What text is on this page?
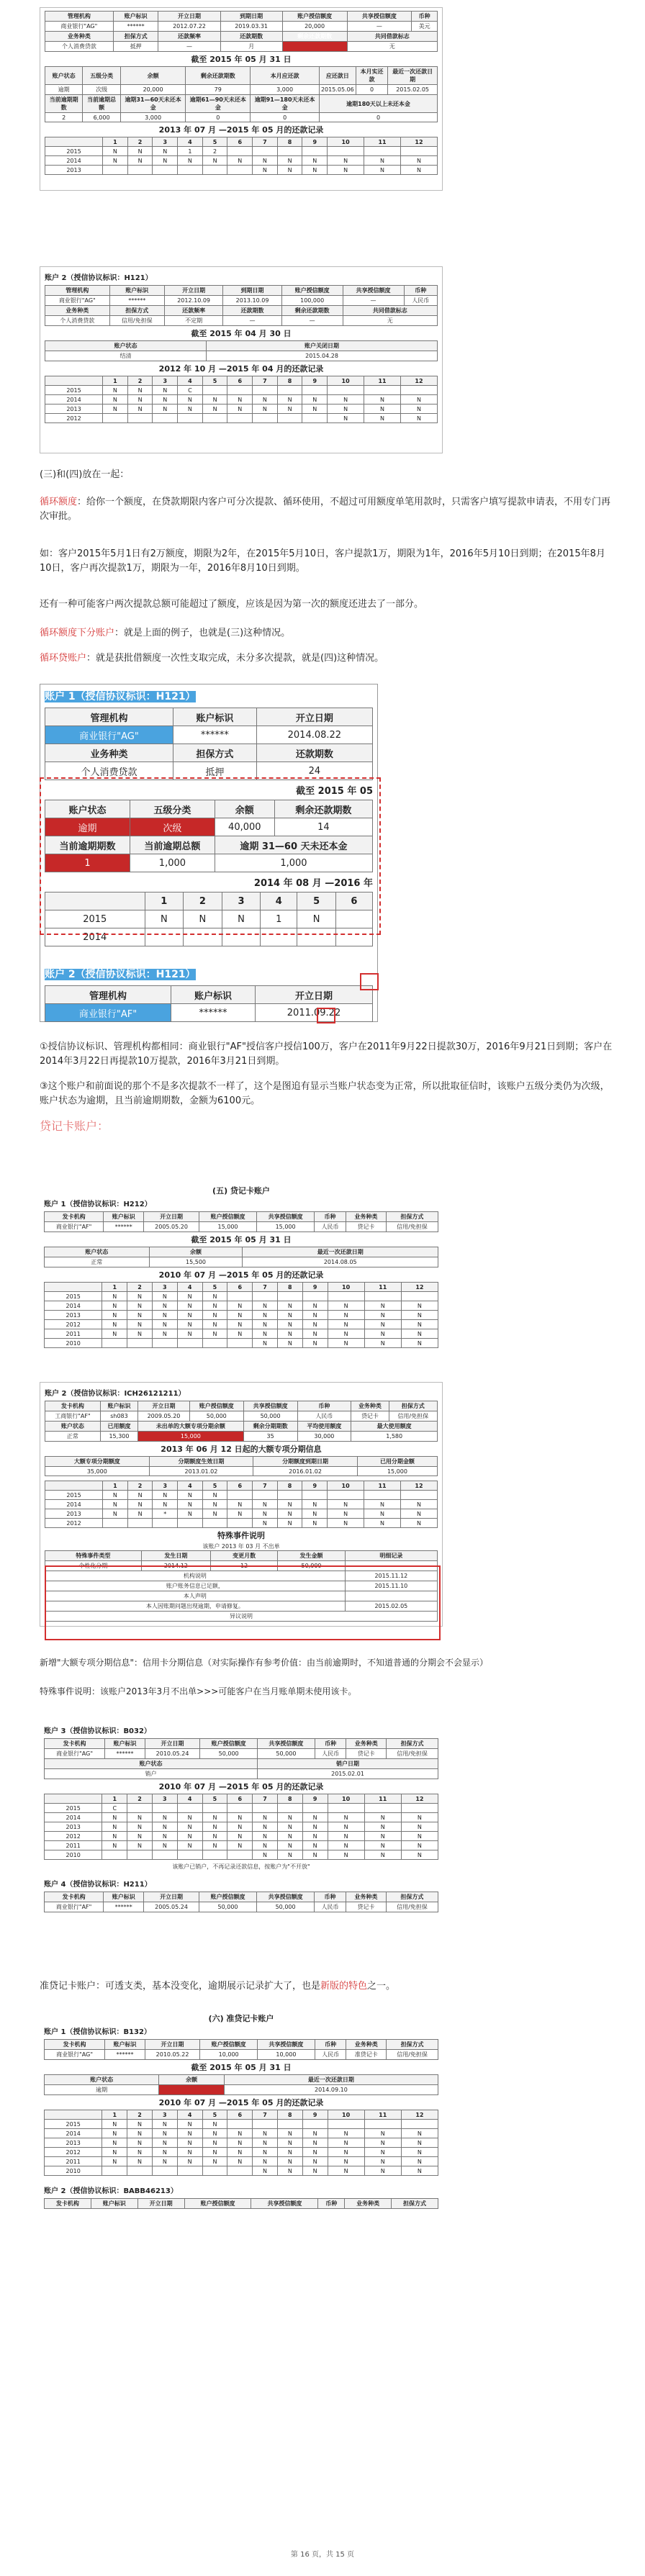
管理机构	账户标识	开立日期	到期日期	账户授信额度	共享授信额度	币种
商业银行"AG"	******	2012.07.22	2019.03.31	20,000	—	美元
业务种类	担保方式	还款频率	还款期数	剩余还款期数	共同借款标志	
个人消费贷款	抵押	—	月		无	
截至 2015 年 05 月 31 日
账户状态	五级分类	余额	剩余还款期数	本月应还款	应还款日	本月实还款	最近一次还款日期
逾期	次级	20,000	79	3,000	2015.05.06	0	2015.02.05
当前逾期期数	当前逾期总额	逾期31—60天未还本金	逾期61—90天未还本金	逾期91—180天未还本金	逾期180天以上未还本金		
2	6,000	3,000	0	0	0		
2013 年 07 月 —2015 年 05 月的还款记录
	1	2	3	4	5	6	7	8	9	10	11	12
2015	N	N	N	1	2							
2014	N	N	N	N	N	N	N	N	N	N	N	N
2013							N	N	N	N	N	N
账户 2（授信协议标识：H121）
管理机构	账户标识	开立日期	到期日期	账户授信额度	共享授信额度	币种
商业银行"AG"	******	2012.10.09	2013.10.09	100,000	—	人民币
业务种类	担保方式	还款频率	还款期数	剩余还款期数	共同借款标志	
个人消费贷款	信用/免担保	不定期	—	—	无	
截至 2015 年 04 月 30 日
账户状态	账户关闭日期
结清	2015.04.28
2012 年 10 月 —2015 年 04 月的还款记录
	1	2	3	4	5	6	7	8	9	10	11	12
2015	N	N	N	C								
2014	N	N	N	N	N	N	N	N	N	N	N	N
2013	N	N	N	N	N	N	N	N	N	N	N	N
2012										N	N	N
(三)和(四)放在一起：
循环额度：给你一个额度，在贷款期限内客户可分次提款、循环使用，不超过可用额度单笔用款时，只需客户填写提款申请表，不用专门再次审批。
如：客户2015年5月1日有2万额度，期限为2年，在2015年5月10日，客户提款1万，期限为1年，2016年5月10日到期；在2015年8月10日，客户再次提款1万，期限为一年，2016年8月10日到期。
还有一种可能客户两次提款总额可能超过了额度，应该是因为第一次的额度还进去了一部分。
循环额度下分账户：就是上面的例子，也就是(三)这种情况。
循环贷账户：就是获批借额度一次性支取完成，未分多次提款，就是(四)这种情况。
账户 1（授信协议标识：H121）
管理机构	账户标识	开立日期
商业银行"AG"	******	2014.08.22
业务种类	担保方式	还款期数
个人消费贷款	抵押	24
截至 2015 年 05
账户状态	五级分类	余额	剩余还款期数
逾期	次级	40,000	14
当前逾期期数	当前逾期总额	逾期 31—60 天未还本金	
1	1,000	1,000	
2014 年 08 月 —2016 年
	1	2	3	4	5	6
2015	N	N	N	1	N	
2014						
账户 2（授信协议标识：H121）
管理机构	账户标识	开立日期
商业银行"AF"	******	2011.09.22
①授信协议标识、管理机构都相同：商业银行"AF"授信客户授信100万，客户在2011年9月22日提款30万，2016年9月21日到期；客户在2014年3月22日再提款10万提款，2016年3月21日到期。
③这个账户和前面说的那个不是多次提款不一样了，这个是图追有显示当账户状态变为正常，所以批取征信时，该账户五级分类仍为次级，账户状态为逾期，且当前逾期期数，金额为6100元。
贷记卡账户：
(五) 贷记卡账户
账户 1（授信协议标识：H212）
发卡机构	账户标识	开立日期	账户授信额度	共享授信额度	币种	业务种类	担保方式
商业银行"AF"	******	2005.05.20	15,000	15,000	人民币	贷记卡	信用/免担保
截至 2015 年 05 月 31 日
账户状态	余额	最近一次还款日期
正常	15,500	2014.08.05
2010 年 07 月 —2015 年 05 月的还款记录
	1	2	3	4	5	6	7	8	9	10	11	12
2015	N	N	N	N	N							
2014	N	N	N	N	N	N	N	N	N	N	N	N
2013	N	N	N	N	N	N	N	N	N	N	N	N
2012	N	N	N	N	N	N	N	N	N	N	N	N
2011	N	N	N	N	N	N	N	N	N	N	N	N
2010							N	N	N	N	N	N
账户 2（授信协议标识：ICH26121211）
发卡机构	账户标识	开立日期	账户授信额度	共享授信额度	币种	业务种类	担保方式
工商银行"AF"	sh083	2009.05.20	50,000	50,000	人民币	贷记卡	信用/免担保
账户状态	已用额度	未出单的大额专项分期余额		剩余分期期数	平均使用额度	最大使用额度	
正常	15,300	15,000		35	30,000	1,580	
2013 年 06 月 12 日起的大额专项分期信息
大额专项分期额度	分期额度生效日期	分期额度到期日期	已用分期金额
35,000	2013.01.02	2016.01.02	15,000
	1	2	3	4	5	6	7	8	9	10	11	12
2015	N	N	N	N	N							
2014	N	N	N	N	N	N	N	N	N	N	N	N
2013	N	N	*	N	N	N	N	N	N	N	N	N
2012							N	N	N	N	N	N
特殊事件说明
该账户 2013 年 03 月 不出单
特殊事件类型	发生日期	变更月数	发生金额	明细记录
个性化分期	2014.12	12	50,000	—
机构说明				2015.11.12
账户账务信息已足额，				2015.11.10
本人声明				
本人因账期问题出现逾期，申请修复。				2015.02.05
异议说明				
新增"大额专项分期信息"：信用卡分期信息（对实际操作有参考价值：由当前逾期时，不知道普通的分期会不会显示）
特殊事件说明：该账户2013年3月不出单>>>可能客户在当月账单期未使用该卡。
账户 3（授信协议标识：B032）
发卡机构	账户标识	开立日期	账户授信额度	共享授信额度	币种	业务种类	担保方式
商业银行"AG"	******	2010.05.24	50,000	50,000	人民币	贷记卡	信用/免担保
账户状态				销户日期			
销户				2015.02.01			
2010 年 07 月 —2015 年 05 月的还款记录
	1	2	3	4	5	6	7	8	9	10	11	12
2015	C											
2014	N	N	N	N	N	N	N	N	N	N	N	N
2013	N	N	N	N	N	N	N	N	N	N	N	N
2012	N	N	N	N	N	N	N	N	N	N	N	N
2011	N	N	N	N	N	N	N	N	N	N	N	N
2010							N	N	N	N	N	N
该账户已销户，不再记录还款信息，按账户为"不开放"
账户 4（授信协议标识：H211）
发卡机构	账户标识	开立日期	账户授信额度	共享授信额度	币种	业务种类	担保方式
商业银行"AF"	******	2005.05.24	50,000	50,000	人民币	贷记卡	信用/免担保
准贷记卡账户：可透支类，基本没变化，逾期展示记录扩大了，也是新版的特色之一。
(六) 准贷记卡账户
账户 1（授信协议标识：B132）
发卡机构	账户标识	开立日期	账户授信额度	共享授信额度	币种	业务种类	担保方式
商业银行"AG"	******	2010.05.22	10,000	10,000	人民币	准贷记卡	信用/免担保
截至 2015 年 05 月 31 日
账户状态	余额	最近一次还款日期
逾期		2014.09.10
2010 年 07 月 —2015 年 05 月的还款记录
	1	2	3	4	5	6	7	8	9	10	11	12
2015	N	N	N	N	N							
2014	N	N	N	N	N	N	N	N	N	N	N	N
2013	N	N	N	N	N	N	N	N	N	N	N	N
2012	N	N	N	N	N	N	N	N	N	N	N	N
2011	N	N	N	N	N	N	N	N	N	N	N	N
2010							N	N	N	N	N	N
账户 2（授信协议标识：BABB46213）
发卡机构	账户标识	开立日期	账户授信额度	共享授信额度	币种	业务种类	担保方式
第 16 页，共 15 页
